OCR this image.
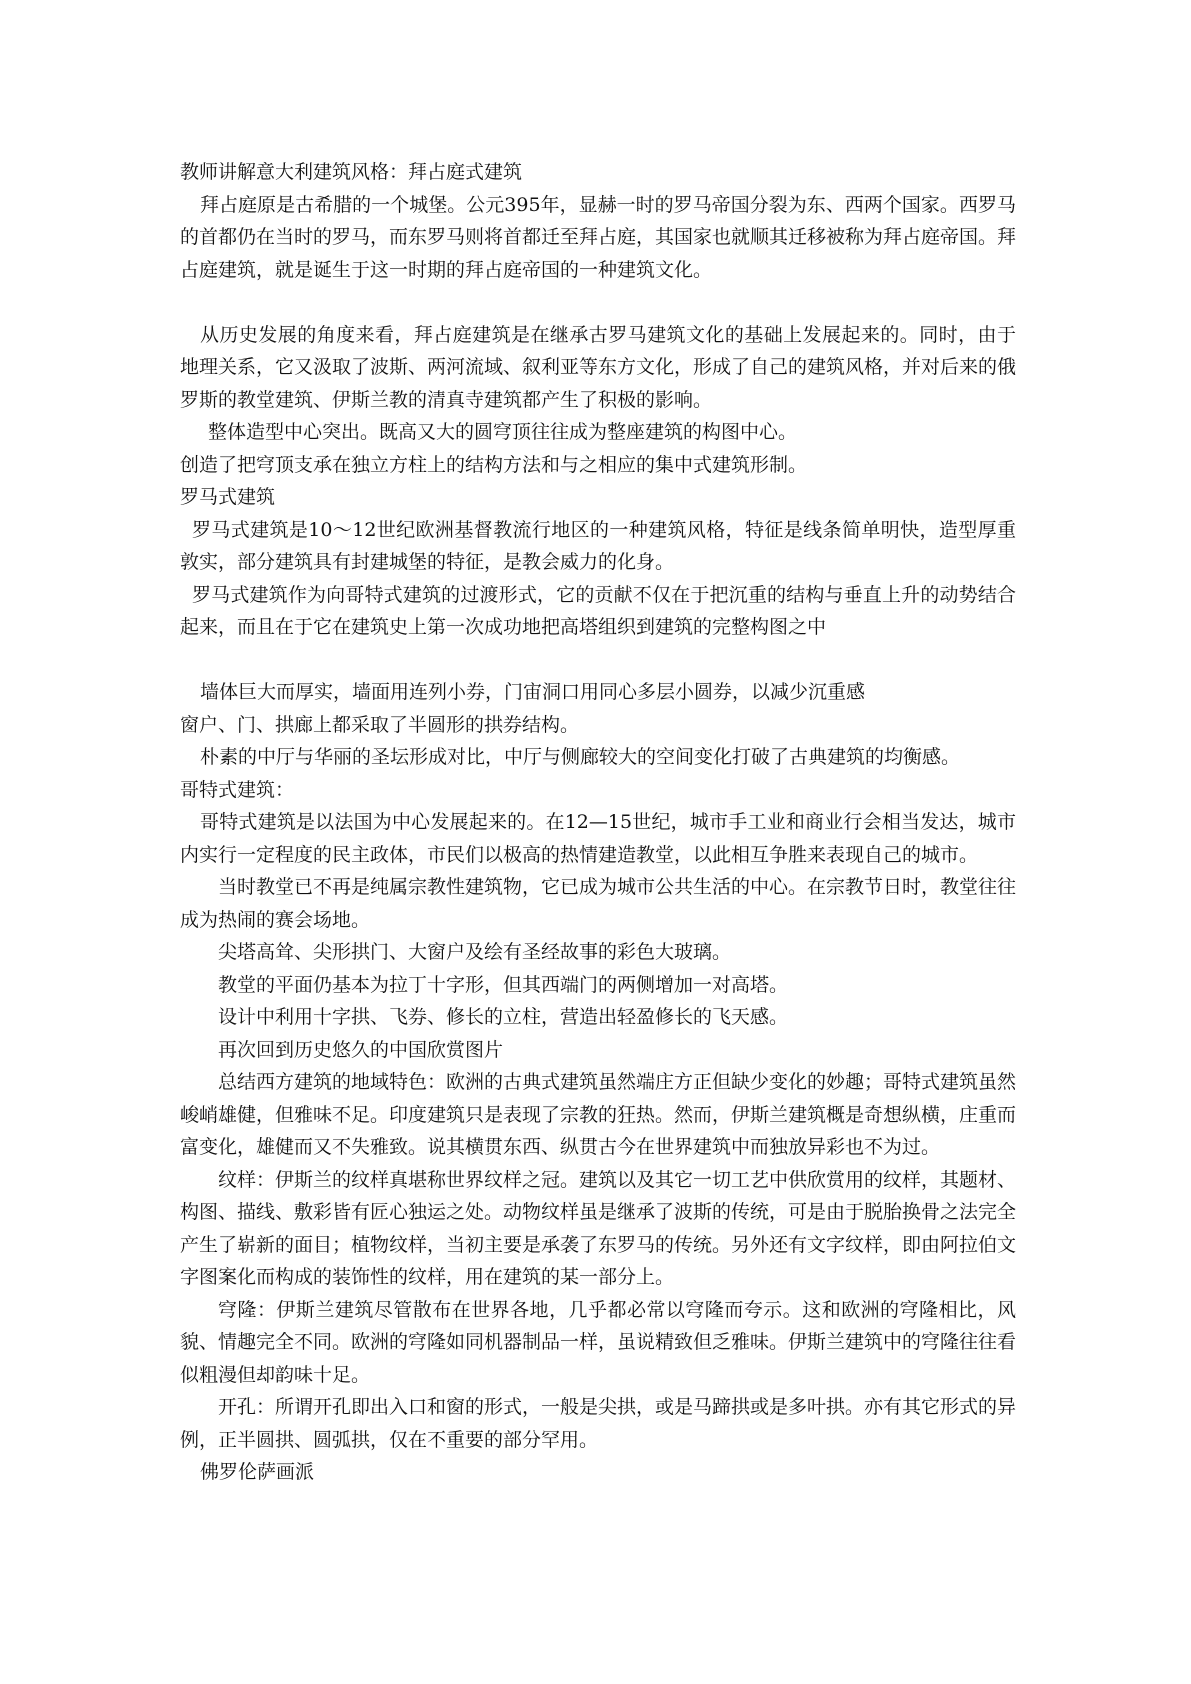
教师讲解意大利建筑风格：拜占庭式建筑

拜占庭原是古希腊的一个城堡。公元395年，显赫一时的罗马帝国分裂为东、西两个国家。西罗马的首都仍在当时的罗马，而东罗马则将首都迁至拜占庭，其国家也就顺其迁移被称为拜占庭帝国。拜占庭建筑，就是诞生于这一时期的拜占庭帝国的一种建筑文化。

从历史发展的角度来看，拜占庭建筑是在继承古罗马建筑文化的基础上发展起来的。同时，由于地理关系，它又汲取了波斯、两河流域、叙利亚等东方文化，形成了自己的建筑风格，并对后来的俄罗斯的教堂建筑、伊斯兰教的清真寺建筑都产生了积极的影响。

整体造型中心突出。既高又大的圆穹顶往往成为整座建筑的构图中心。

创造了把穹顶支承在独立方柱上的结构方法和与之相应的集中式建筑形制。

罗马式建筑

罗马式建筑是10～12世纪欧洲基督教流行地区的一种建筑风格，特征是线条简单明快，造型厚重敦实，部分建筑具有封建城堡的特征，是教会威力的化身。

罗马式建筑作为向哥特式建筑的过渡形式，它的贡献不仅在于把沉重的结构与垂直上升的动势结合起来，而且在于它在建筑史上第一次成功地把高塔组织到建筑的完整构图之中

墙体巨大而厚实，墙面用连列小券，门宙洞口用同心多层小圆券，以减少沉重感

窗户、门、拱廊上都采取了半圆形的拱券结构。

朴素的中厅与华丽的圣坛形成对比，中厅与侧廊较大的空间变化打破了古典建筑的均衡感。

哥特式建筑：

哥特式建筑是以法国为中心发展起来的。在12—15世纪，城市手工业和商业行会相当发达，城市内实行一定程度的民主政体，市民们以极高的热情建造教堂，以此相互争胜来表现自己的城市。

当时教堂已不再是纯属宗教性建筑物，它已成为城市公共生活的中心。在宗教节日时，教堂往往成为热闹的赛会场地。

尖塔高耸、尖形拱门、大窗户及绘有圣经故事的彩色大玻璃。

教堂的平面仍基本为拉丁十字形，但其西端门的两侧增加一对高塔。

设计中利用十字拱、飞券、修长的立柱，营造出轻盈修长的飞天感。

再次回到历史悠久的中国欣赏图片

总结西方建筑的地域特色：欧洲的古典式建筑虽然端庄方正但缺少变化的妙趣；哥特式建筑虽然峻峭雄健，但雅味不足。印度建筑只是表现了宗教的狂热。然而，伊斯兰建筑概是奇想纵横，庄重而富变化，雄健而又不失雅致。说其横贯东西、纵贯古今在世界建筑中而独放异彩也不为过。

纹样：伊斯兰的纹样真堪称世界纹样之冠。建筑以及其它一切工艺中供欣赏用的纹样，其题材、构图、描线、敷彩皆有匠心独运之处。动物纹样虽是继承了波斯的传统，可是由于脱胎换骨之法完全产生了崭新的面目；植物纹样，当初主要是承袭了东罗马的传统。另外还有文字纹样，即由阿拉伯文字图案化而构成的装饰性的纹样，用在建筑的某一部分上。

穹隆：伊斯兰建筑尽管散布在世界各地，几乎都必常以穹隆而夸示。这和欧洲的穹隆相比，风貌、情趣完全不同。欧洲的穹隆如同机器制品一样，虽说精致但乏雅味。伊斯兰建筑中的穹隆往往看似粗漫但却韵味十足。

开孔：所谓开孔即出入口和窗的形式，一般是尖拱，或是马蹄拱或是多叶拱。亦有其它形式的异例，正半圆拱、圆弧拱，仅在不重要的部分罕用。

佛罗伦萨画派
